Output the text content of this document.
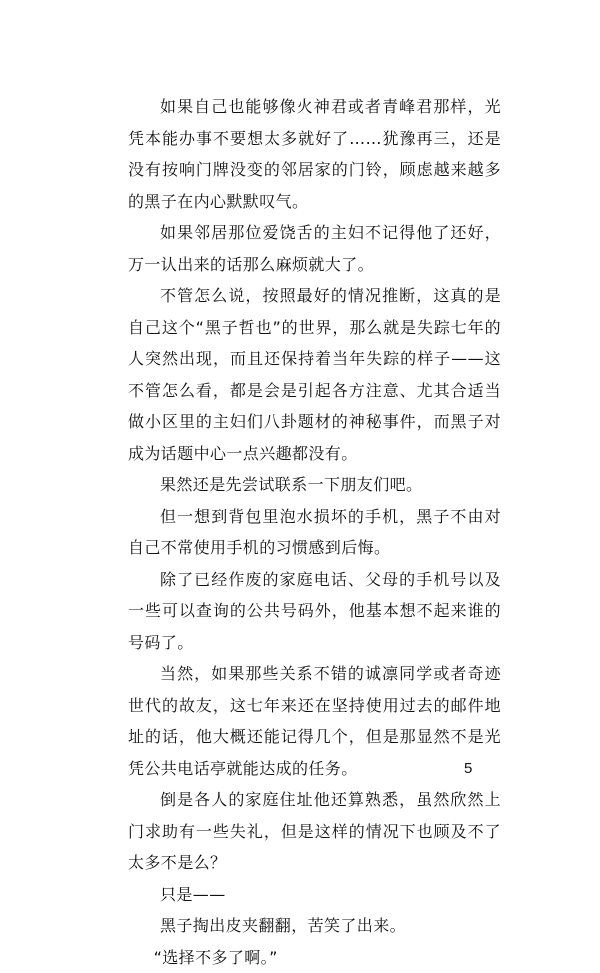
如果自己也能够像火神君或者青峰君那样，光凭本能办事不要想太多就好了……犹豫再三，还是没有按响门牌没变的邻居家的门铃，顾虑越来越多的黑子在内心默默叹气。

如果邻居那位爱饶舌的主妇不记得他了还好，万一认出来的话那么麻烦就大了。

不管怎么说，按照最好的情况推断，这真的是自己这个“黑子哲也”的世界，那么就是失踪七年的人突然出现，而且还保持着当年失踪的样子——这不管怎么看，都是会是引起各方注意、尤其合适当做小区里的主妇们八卦题材的神秘事件，而黑子对成为话题中心一点兴趣都没有。

果然还是先尝试联系一下朋友们吧。

但一想到背包里泡水损坏的手机，黑子不由对自己不常使用手机的习惯感到后悔。

除了已经作废的家庭电话、父母的手机号以及一些可以查询的公共号码外，他基本想不起来谁的号码了。

当然，如果那些关系不错的诚凛同学或者奇迹世代的故友，这七年来还在坚持使用过去的邮件地址的话，他大概还能记得几个，但是那显然不是光凭公共电话亭就能达成的任务。

倒是各人的家庭住址他还算熟悉，虽然欣然上门求助有一些失礼，但是这样的情况下也顾及不了太多不是么？

只是——

黑子掏出皮夹翻翻，苦笑了出来。

“选择不多了啊。”

5
